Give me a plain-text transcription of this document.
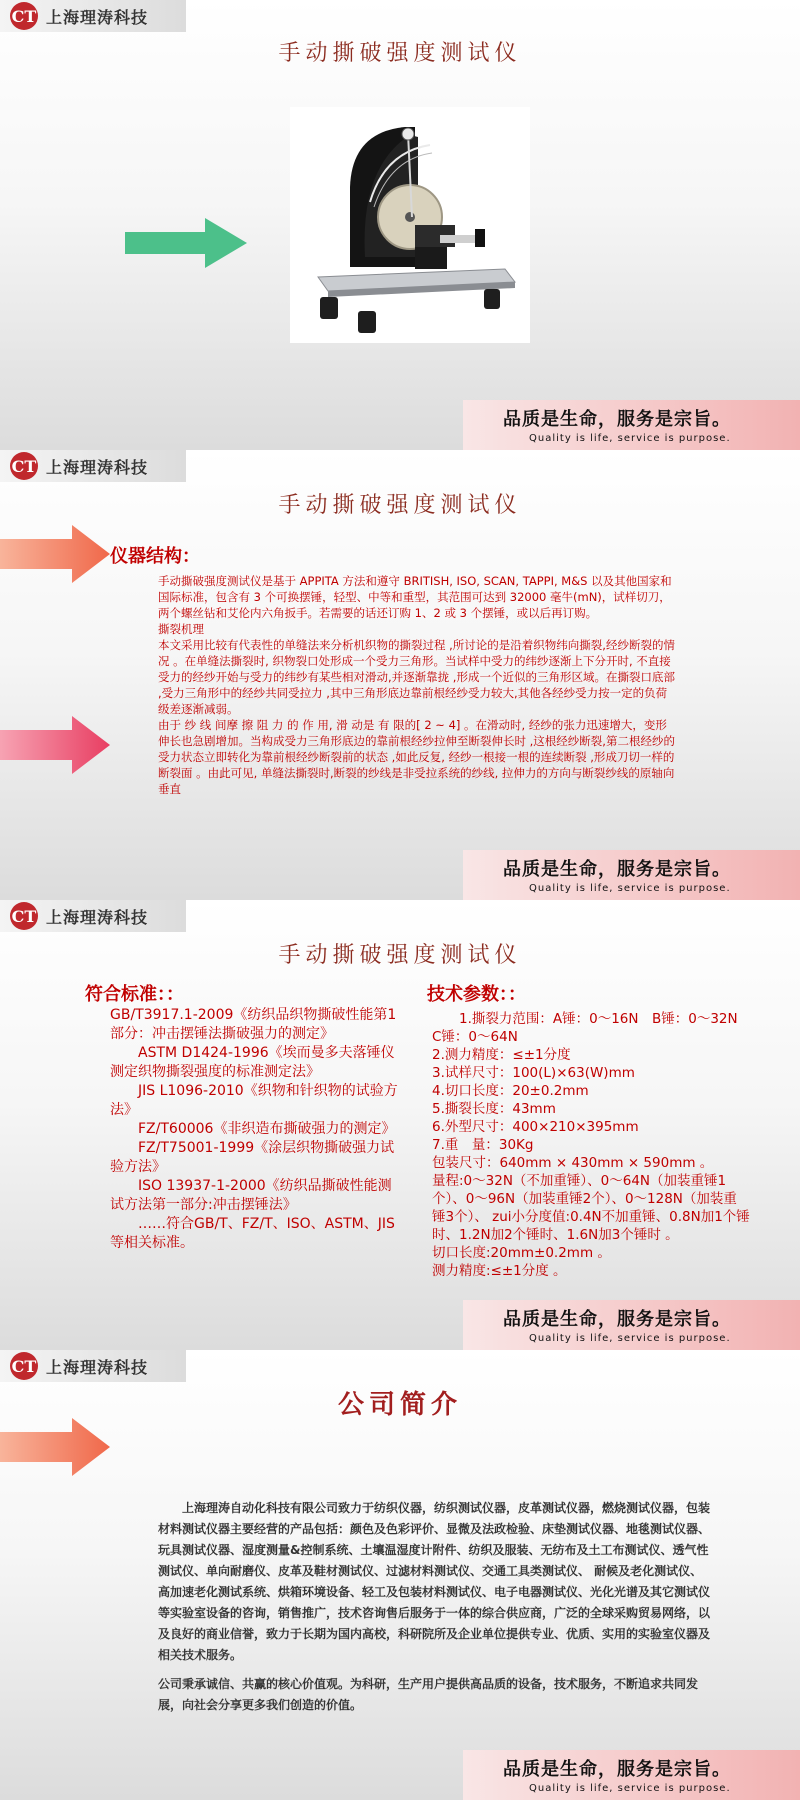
CT 上海理涛科技
手动撕破强度测试仪
品质是生命，服务是宗旨。
Quality is life, service is purpose.
CT 上海理涛科技
手动撕破强度测试仪
仪器结构：

手动撕破强度测试仪是基于 APPITA 方法和遵守 BRITISH, ISO, SCAN, TAPPI, M&S 以及其他国家和国际标准，包含有 3 个可换摆锤，轻型、中等和重型，其范围可达到 32000 毫牛(mN)，试样切刀，两个螺丝钻和艾伦内六角扳手。若需要的话还订购 1、2 或 3 个摆锤，或以后再订购。

撕裂机理

本文采用比较有代表性的单缝法来分析机织物的撕裂过程 ,所讨论的是沿着织物纬向撕裂,经纱断裂的情况 。在单缝法撕裂时, 织物裂口处形成一个受力三角形。当试样中受力的纬纱逐渐上下分开时, 不直接受力的经纱开始与受力的纬纱有某些相对滑动,并逐渐靠拢 ,形成一个近似的三角形区域。在撕裂口底部 ,受力三角形中的经纱共同受拉力 ,其中三角形底边靠前根经纱受力较大,其他各经纱受力按一定的负荷级差逐渐减弱。

由于 纱 线 间摩 擦 阻 力 的 作 用, 滑 动是 有 限的[ 2 ~ 4] 。在滑动时, 经纱的张力迅速增大，变形伸长也急剧增加。当构成受力三角形底边的靠前根经纱拉伸至断裂伸长时 ,这根经纱断裂,第二根经纱的受力状态立即转化为靠前根经纱断裂前的状态 ,如此反复, 经纱一根接一根的连续断裂 ,形成刀切一样的断裂面 。由此可见, 单缝法撕裂时,断裂的纱线是非受拉系统的纱线, 拉伸力的方向与断裂纱线的原轴向垂直

品质是生命，服务是宗旨。
Quality is life, service is purpose.
CT 上海理涛科技
手动撕破强度测试仪
符合标准：：

GB/T3917.1-2009《纺织品织物撕破性能第1部分：冲击摆锤法撕破强力的测定》

ASTM D1424-1996《埃而曼多夫落锤仪测定织物撕裂强度的标准测定法》

JIS L1096-2010《织物和针织物的试验方法》

FZ/T60006《非织造布撕破强力的测定》

FZ/T75001-1999《涂层织物撕破强力试验方法》

ISO 13937-1-2000《纺织品撕破性能测试方法第一部分:冲击摆锤法》

……符合GB/T、FZ/T、ISO、ASTM、JIS等相关标准。

技术参数：：

1.撕裂力范围：A锤：0～16N　B锤：0～32N　C锤：0～64N

2.测力精度：≤±1分度

3.试样尺寸：100(L)×63(W)mm

4.切口长度：20±0.2mm

5.撕裂长度：43mm

6.外型尺寸：400×210×395mm

7.重　量：30Kg

包装尺寸：640mm × 430mm × 590mm 。

量程:0～32N（不加重锤）、0～64N（加装重锤1个）、0～96N（加装重锤2个）、0～128N（加装重锤3个）、 zui小分度值:0.4N不加重锤、0.8N加1个锤时、1.2N加2个锤时、1.6N加3个锤时 。

切口长度:20mm±0.2mm 。

测力精度:≤±1分度 。

品质是生命，服务是宗旨。
Quality is life, service is purpose.
CT 上海理涛科技
公司简介

上海理涛自动化科技有限公司致力于纺织仪器，纺织测试仪器，皮革测试仪器，燃烧测试仪器，包装材料测试仪器主要经营的产品包括：颜色及色彩评价、显微及法政检验、床垫测试仪器、地毯测试仪器、玩具测试仪器、湿度测量&控制系统、土壤温湿度计附件、纺织及服装、无纺布及土工布测试仪、透气性测试仪、单向耐磨仪、皮革及鞋材测试仪、过滤材料测试仪、交通工具类测试仪、 耐候及老化测试仪、高加速老化测试系统、烘箱环境设备、轻工及包装材料测试仪、电子电器测试仪、光化光谱及其它测试仪等实验室设备的咨询，销售推广，技术咨询售后服务于一体的综合供应商，广泛的全球采购贸易网络，以及良好的商业信誉，致力于长期为国内高校，科研院所及企业单位提供专业、优质、实用的实验室仪器及相关技术服务。

公司秉承诚信、共赢的核心价值观。为科研，生产用户提供高品质的设备，技术服务，不断追求共同发展，向社会分享更多我们创造的价值。

品质是生命，服务是宗旨。
Quality is life, service is purpose.
